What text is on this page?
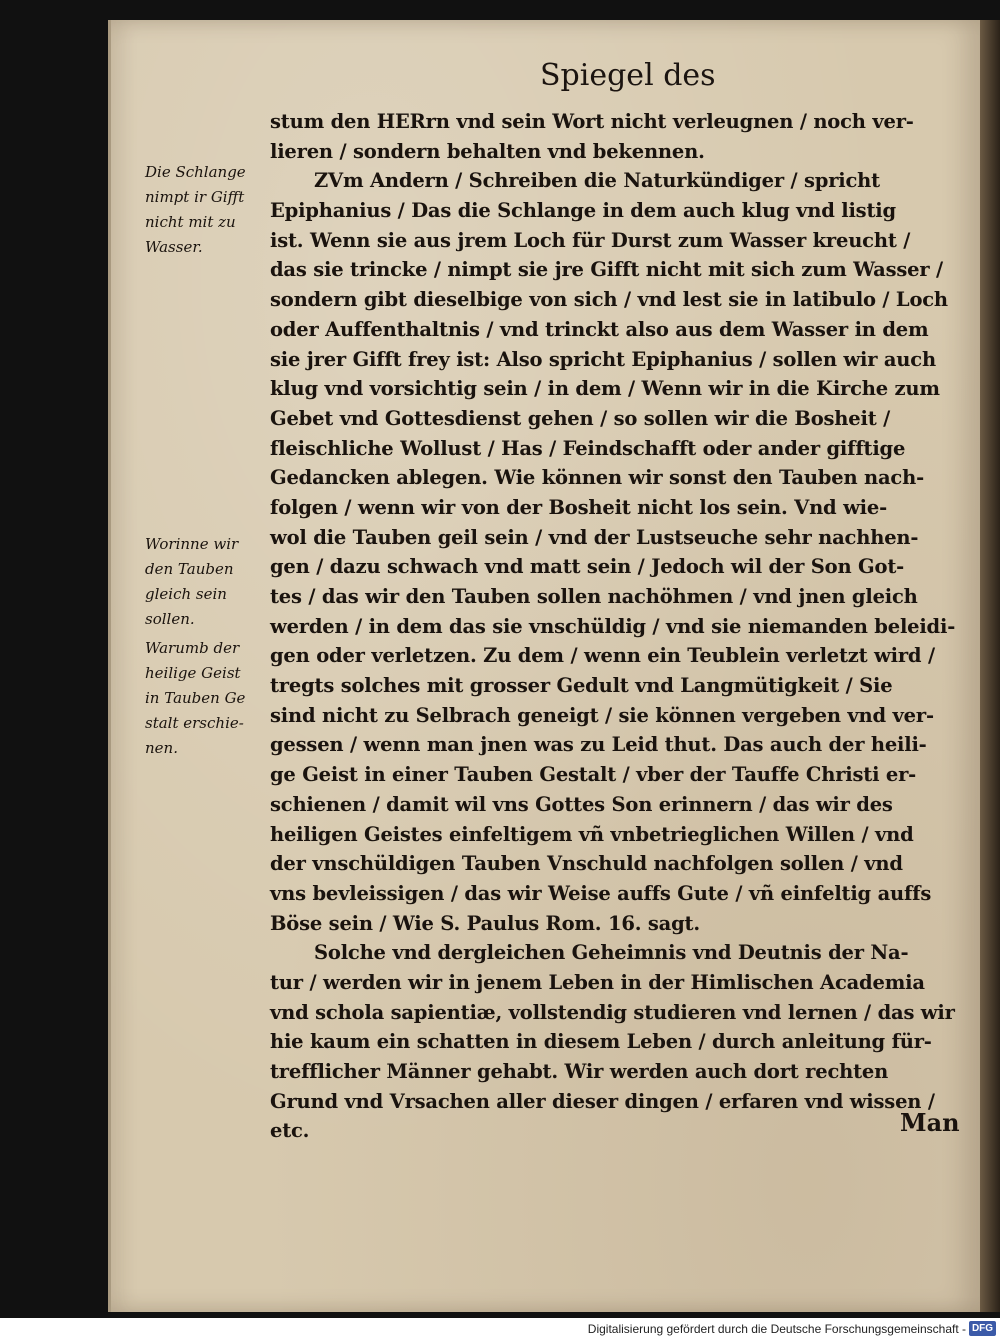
Spiegel des
stum den HERrn vnd sein Wort nicht verleugnen / noch ver-
lieren / sondern behalten vnd bekennen.
ZVm Andern / Schreiben die Naturkündiger / spricht
Epiphanius / Das die Schlange in dem auch klug vnd listig
ist. Wenn sie aus jrem Loch für Durst zum Wasser kreucht /
das sie trincke / nimpt sie jre Gifft nicht mit sich zum Wasser /
sondern gibt dieselbige von sich / vnd lest sie in latibulo / Loch
oder Auffenthaltnis / vnd trinckt also aus dem Wasser in dem
sie jrer Gifft frey ist: Also spricht Epiphanius / sollen wir auch
klug vnd vorsichtig sein / in dem / Wenn wir in die Kirche zum
Gebet vnd Gottesdienst gehen / so sollen wir die Bosheit /
fleischliche Wollust / Has / Feindschafft oder ander gifftige
Gedancken ablegen. Wie können wir sonst den Tauben nach-
folgen / wenn wir von der Bosheit nicht los sein. Vnd wie-
wol die Tauben geil sein / vnd der Lustseuche sehr nachhen-
gen / dazu schwach vnd matt sein / Jedoch wil der Son Got-
tes / das wir den Tauben sollen nachöhmen / vnd jnen gleich
werden / in dem das sie vnschüldig / vnd sie niemanden beleidi-
gen oder verletzen. Zu dem / wenn ein Teublein verletzt wird /
tregts solches mit grosser Gedult vnd Langmütigkeit / Sie
sind nicht zu Selbrach geneigt / sie können vergeben vnd ver-
gessen / wenn man jnen was zu Leid thut. Das auch der heili-
ge Geist in einer Tauben Gestalt / vber der Tauffe Christi er-
schienen / damit wil vns Gottes Son erinnern / das wir des
heiligen Geistes einfeltigem vñ vnbetrieglichen Willen / vnd
der vnschüldigen Tauben Vnschuld nachfolgen sollen / vnd
vns bevleissigen / das wir Weise auffs Gute / vñ einfeltig auffs
Böse sein / Wie S. Paulus Rom. 16. sagt.
Solche vnd dergleichen Geheimnis vnd Deutnis der Na-
tur / werden wir in jenem Leben in der Himlischen Academia
vnd schola sapientiæ, vollstendig studieren vnd lernen / das wir
hie kaum ein schatten in diesem Leben / durch anleitung für-
trefflicher Männer gehabt. Wir werden auch dort rechten
Grund vnd Vrsachen aller dieser dingen / erfaren vnd wissen /
etc.
Die Schlange
nimpt ir Gifft
nicht mit zu
Wasser.
Worinne wir
den Tauben
gleich sein
sollen.
Warumb der
heilige Geist
in Tauben Ge
stalt erschie-
nen.
Man
Digitalisierung gefördert durch die Deutsche Forschungsgemeinschaft - DFG
